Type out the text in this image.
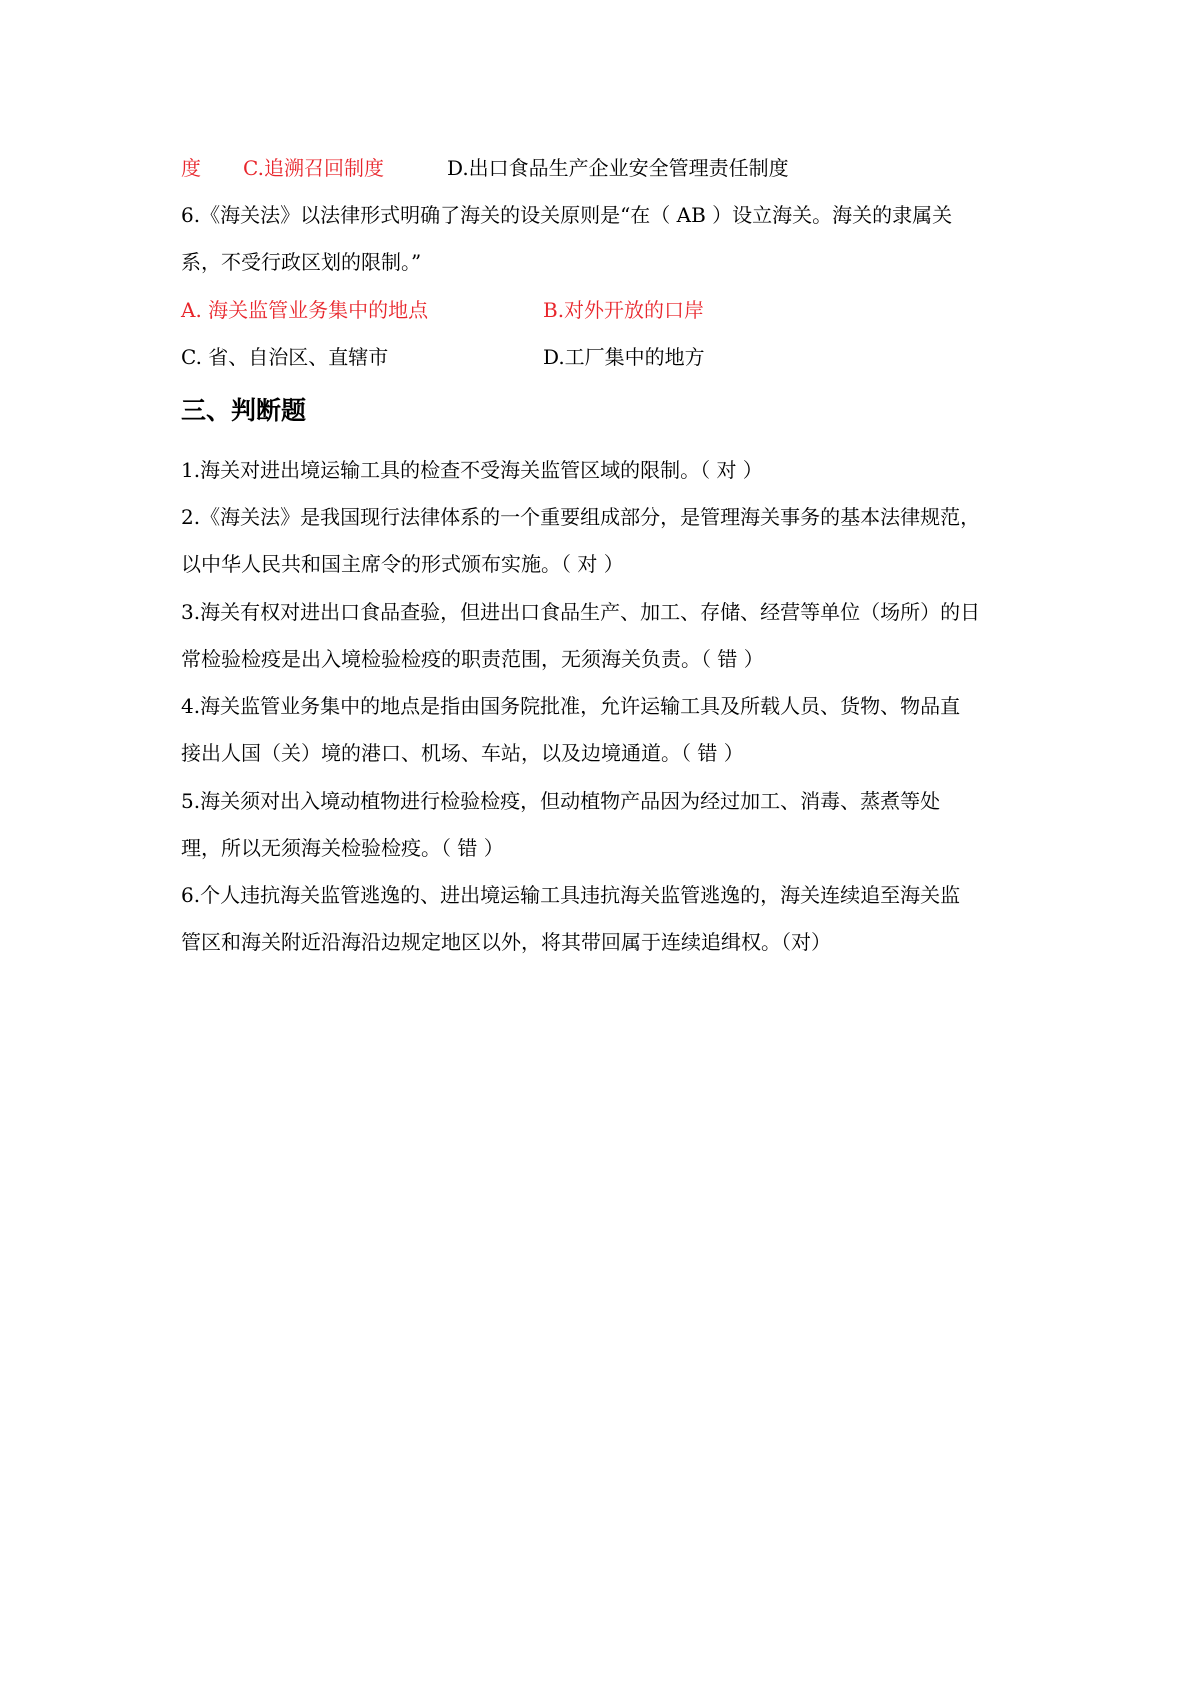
度 C.追溯召回制度	D.出口食品生产企业安全管理责任制度
6.《海关法》以法律形式明确了海关的设关原则是“在（ AB ）设立海关。海关的隶属关
系，不受行政区划的限制。”
A. 海关监管业务集中的地点	B.对外开放的口岸
C. 省、自治区、直辖市	D.工厂集中的地方
三、判断题
1.海关对进出境运输工具的检查不受海关监管区域的限制。（ 对 ）
2.《海关法》是我国现行法律体系的一个重要组成部分，是管理海关事务的基本法律规范，
以中华人民共和国主席令的形式颁布实施。（ 对 ）
3.海关有权对进出口食品查验，但进出口食品生产、加工、存储、经营等单位（场所）的日
常检验检疫是出入境检验检疫的职责范围，无须海关负责。（ 错 ）
4.海关监管业务集中的地点是指由国务院批准，允许运输工具及所载人员、货物、物品直
接出人国（关）境的港口、机场、车站，以及边境通道。（ 错 ）
5.海关须对出入境动植物进行检验检疫，但动植物产品因为经过加工、消毒、蒸煮等处
理，所以无须海关检验检疫。（ 错 ）
6.个人违抗海关监管逃逸的、进出境运输工具违抗海关监管逃逸的，海关连续追至海关监
管区和海关附近沿海沿边规定地区以外，将其带回属于连续追缉权。（对）
